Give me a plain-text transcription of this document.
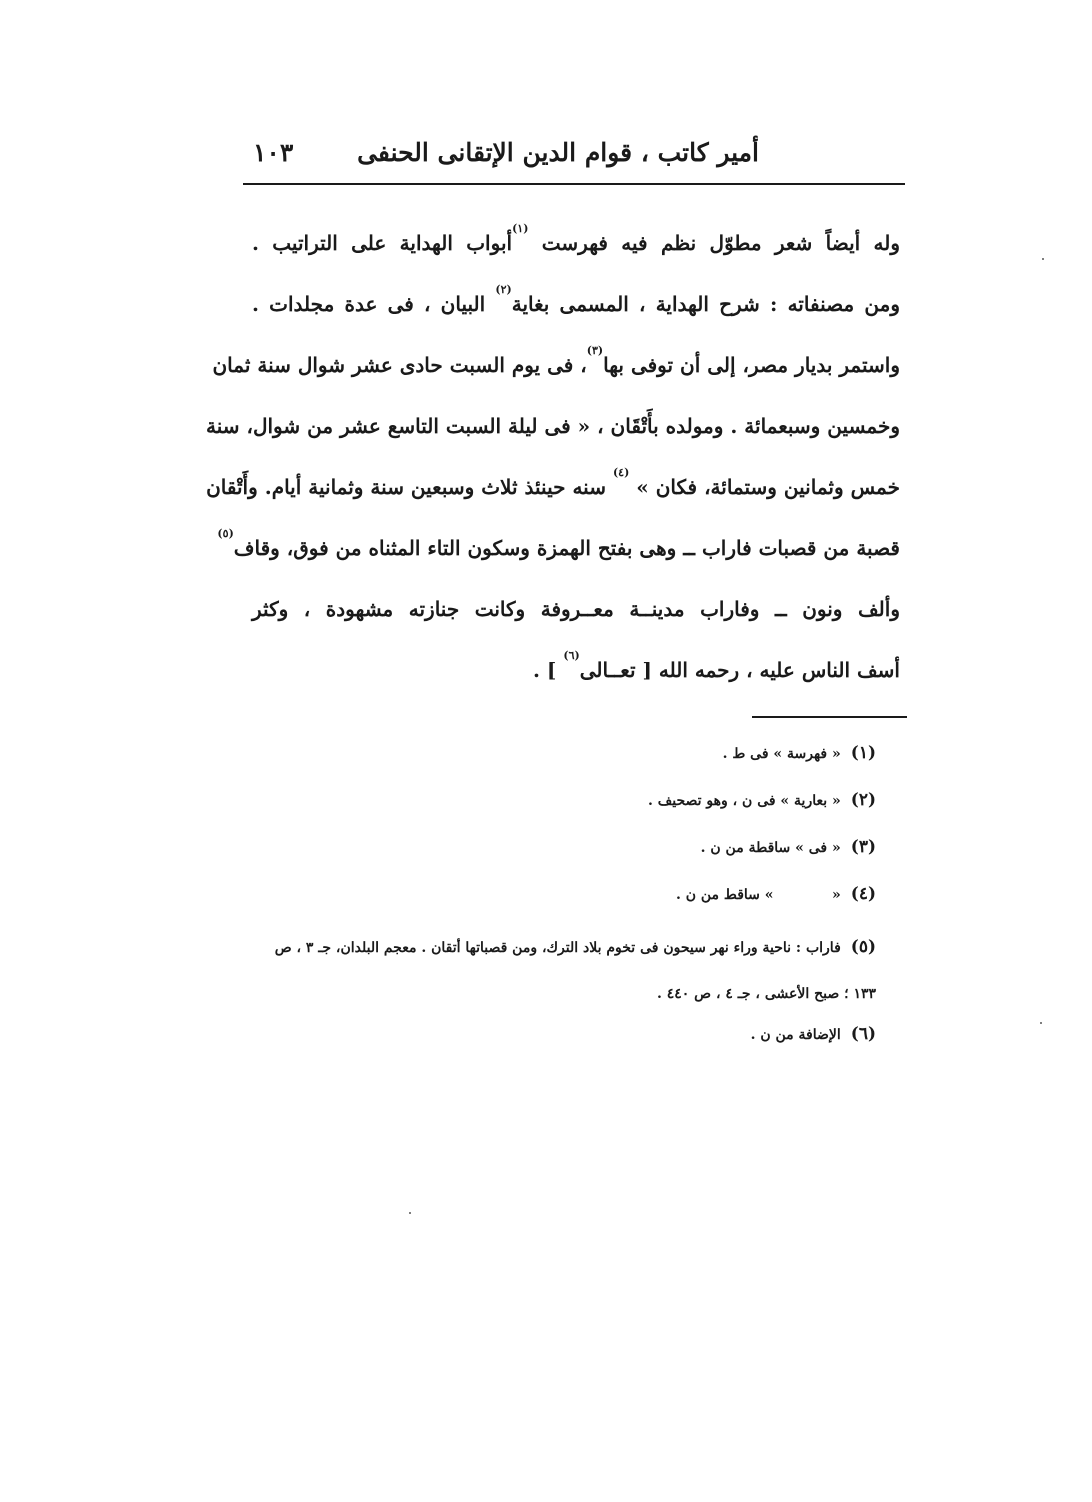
أمير كاتب ، قوام الدين الإتقانى الحنفى
١٠٣
وله أيضاً شعر مطوّل نظم فيه فهرست $^{(١)}$أبواب الهداية على التراتيب .
ومن مصنفاته : شرح الهداية ، المسمى بغاية$^{(٢)}$ البيان ، فى عدة مجلدات .
واستمر بديار مصر، إلى أن توفى بها$^{(٣)}$، فى يوم السبت حادى عشر شوال سنة ثمان
وخمسين وسبعمائة . ومولده بأَتْقَان ، « فى ليلة السبت التاسع عشر من شوال، سنة
خمس وثمانين وستمائة، فكان » $^{(٤)}$ سنه حينئذ ثلاث وسبعين سنة وثمانية أيام. وأَتْقان
قصبة من قصبات فاراب ــ وهى بفتح الهمزة وسكون التاء المثناه من فوق، وقاف$^{(٥)}$
وألف ونون ــ وفاراب مدينــة معــروفة وكانت جنازته مشهودة ، وكثر
أسف الناس عليه ، رحمه الله [ تعــالى$^{(٦)}$ ] .
(١)« فهرسة » فى ط .
(٢)« بعارية » فى ن ، وهو تصحيف .
(٣)« فى » ساقطة من ن .
(٤)«            » ساقط من ن .
(٥)فاراب : ناحية وراء نهر سيحون فى تخوم بلاد الترك، ومن قصباتها أتقان . معجم البلدان، جـ ٣ ، ص ١٣٣ ؛ صبح الأعشى ، جـ ٤ ، ص ٤٤٠ .
(٦)الإضافة من ن .
